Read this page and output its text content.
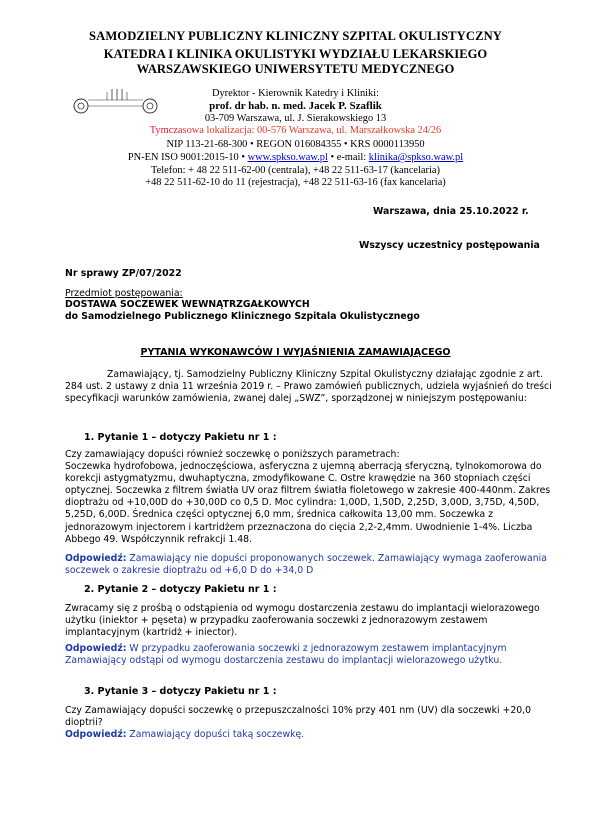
SAMODZIELNY PUBLICZNY KLINICZNY SZPITAL OKULISTYCZNY
KATEDRA I KLINIKA OKULISTYKI WYDZIAŁU LEKARSKIEGO
WARSZAWSKIEGO UNIWERSYTETU MEDYCZNEGO
Dyrektor - Kierownik Katedry i Kliniki:
prof. dr hab. n. med. Jacek P. Szaflik
03-709 Warszawa, ul. J. Sierakowskiego 13
Tymczasowa lokalizacja: 00-576 Warszawa, ul. Marszałkowska 24/26
NIP 113-21-68-300 • REGON 016084355 • KRS 0000113950
PN-EN ISO 9001:2015-10 • www.spkso.waw.pl • e-mail: klinika@spkso.waw.pl
Telefon: + 48 22 511-62-00 (centrala), +48 22 511-63-17 (kancelaria)
+48 22 511-62-10 do 11 (rejestracja), +48 22 511-63-16 (fax kancelaria)
Warszawa, dnia 25.10.2022 r.
Wszyscy uczestnicy postępowania
Nr sprawy ZP/07/2022
Przedmiot postępowania:
DOSTAWA SOCZEWEK WEWNĄTRZGAŁKOWYCH
do Samodzielnego Publicznego Klinicznego Szpitala Okulistycznego
PYTANIA WYKONAWCÓW I WYJAŚNIENIA ZAMAWIAJĄCEGO
Zamawiający, tj. Samodzielny Publiczny Kliniczny Szpital Okulistyczny działając zgodnie z art.
284 ust. 2 ustawy z dnia 11 września 2019 r. – Prawo zamówień publicznych, udziela wyjaśnień do treści
specyfikacji warunków zamówienia, zwanej dalej „SWZ”, sporządzonej w niniejszym postępowaniu:
1. Pytanie 1 – dotyczy Pakietu nr 1 :
Czy zamawiający dopuści również soczewkę o poniższych parametrach:
Soczewka hydrofobowa, jednoczęściowa, asferyczna z ujemną aberracją sferyczną, tylnokomorowa do
korekcji astygmatyzmu, dwuhaptyczna, zmodyfikowane C. Ostre krawędzie na 360 stopniach części
optycznej. Soczewka z filtrem światła UV oraz filtrem światła fioletowego w zakresie 400-440nm. Zakres
dioptrażu od +10,00D do +30,00D co 0,5 D. Moc cylindra: 1,00D, 1,50D, 2,25D, 3,00D, 3,75D, 4,50D,
5,25D, 6,00D. Średnica części optycznej 6,0 mm, średnica całkowita 13,00 mm. Soczewka z
jednorazowym injectorem i kartridżem przeznaczona do cięcia 2,2-2,4mm. Uwodnienie 1-4%. Liczba
Abbego 49. Współczynnik refrakcji 1.48.
Odpowiedź: Zamawiający nie dopuści proponowanych soczewek. Zamawiający wymaga zaoferowania
soczewek o zakresie dioptrażu od +6,0 D do +34,0 D
2. Pytanie 2 – dotyczy Pakietu nr 1 :
Zwracamy się z prośbą o odstąpienia od wymogu dostarczenia zestawu do implantacji wielorazowego
użytku (iniektor + pęseta) w przypadku zaoferowania soczewki z jednorazowym zestawem
implantacyjnym (kartridż + iniector).
Odpowiedź: W przypadku zaoferowania soczewki z jednorazowym zestawem implantacyjnym
Zamawiający odstąpi od wymogu dostarczenia zestawu do implantacji wielorazowego użytku.
3. Pytanie 3 – dotyczy Pakietu nr 1 :
Czy Zamawiający dopuści soczewkę o przepuszczalności 10% przy 401 nm (UV) dla soczewki +20,0
dioptrii?
Odpowiedź: Zamawiający dopuści taką soczewkę.
